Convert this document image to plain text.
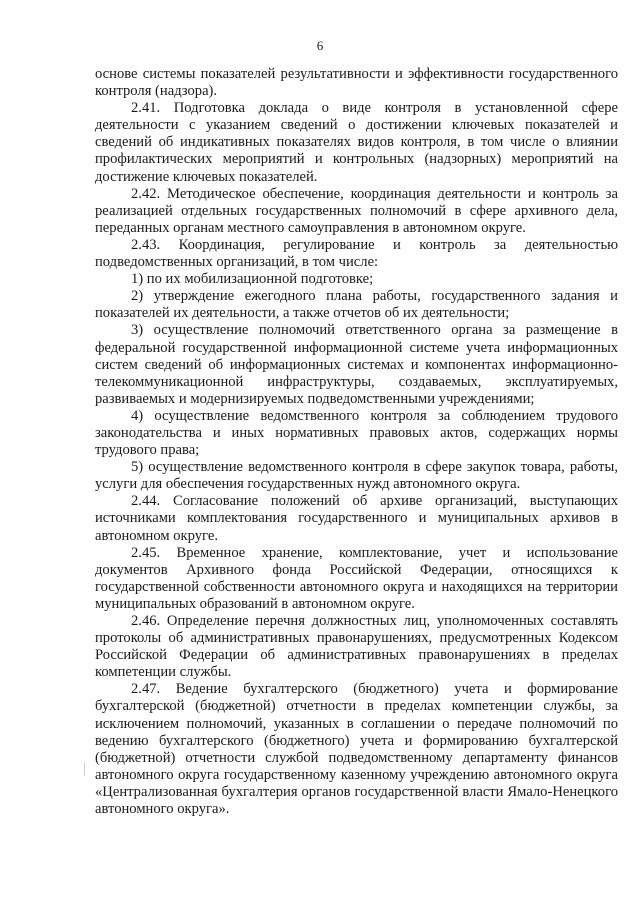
6

основе системы показателей результативности и эффективности государственного контроля (надзора).

2.41. Подготовка доклада о виде контроля в установленной сфере деятельности с указанием сведений о достижении ключевых показателей и сведений об индикативных показателях видов контроля, в том числе о влиянии профилактических мероприятий и контрольных (надзорных) мероприятий на достижение ключевых показателей.

2.42. Методическое обеспечение, координация деятельности и контроль за реализацией отдельных государственных полномочий в сфере архивного дела, переданных органам местного самоуправления в автономном округе.

2.43. Координация, регулирование и контроль за деятельностью подведомственных организаций, в том числе:

1) по их мобилизационной подготовке;

2) утверждение ежегодного плана работы, государственного задания и показателей их деятельности, а также отчетов об их деятельности;

3) осуществление полномочий ответственного органа за размещение в федеральной государственной информационной системе учета информационных систем сведений об информационных системах и компонентах информационно-телекоммуникационной инфраструктуры, создаваемых, эксплуатируемых, развиваемых и модернизируемых подведомственными учреждениями;

4) осуществление ведомственного контроля за соблюдением трудового законодательства и иных нормативных правовых актов, содержащих нормы трудового права;

5) осуществление ведомственного контроля в сфере закупок товара, работы, услуги для обеспечения государственных нужд автономного округа.

2.44. Согласование положений об архиве организаций, выступающих источниками комплектования государственного и муниципальных архивов в автономном округе.

2.45. Временное хранение, комплектование, учет и использование документов Архивного фонда Российской Федерации, относящихся к государственной собственности автономного округа и находящихся на территории муниципальных образований в автономном округе.

2.46. Определение перечня должностных лиц, уполномоченных составлять протоколы об административных правонарушениях, предусмотренных Кодексом Российской Федерации об административных правонарушениях в пределах компетенции службы.

2.47. Ведение бухгалтерского (бюджетного) учета и формирование бухгалтерской (бюджетной) отчетности в пределах компетенции службы, за исключением полномочий, указанных в соглашении о передаче полномочий по ведению бухгалтерского (бюджетного) учета и формированию бухгалтерской (бюджетной) отчетности службой подведомственному департаменту финансов автономного округа государственному казенному учреждению автономного округа «Централизованная бухгалтерия органов государственной власти Ямало-Ненецкого автономного округа».
